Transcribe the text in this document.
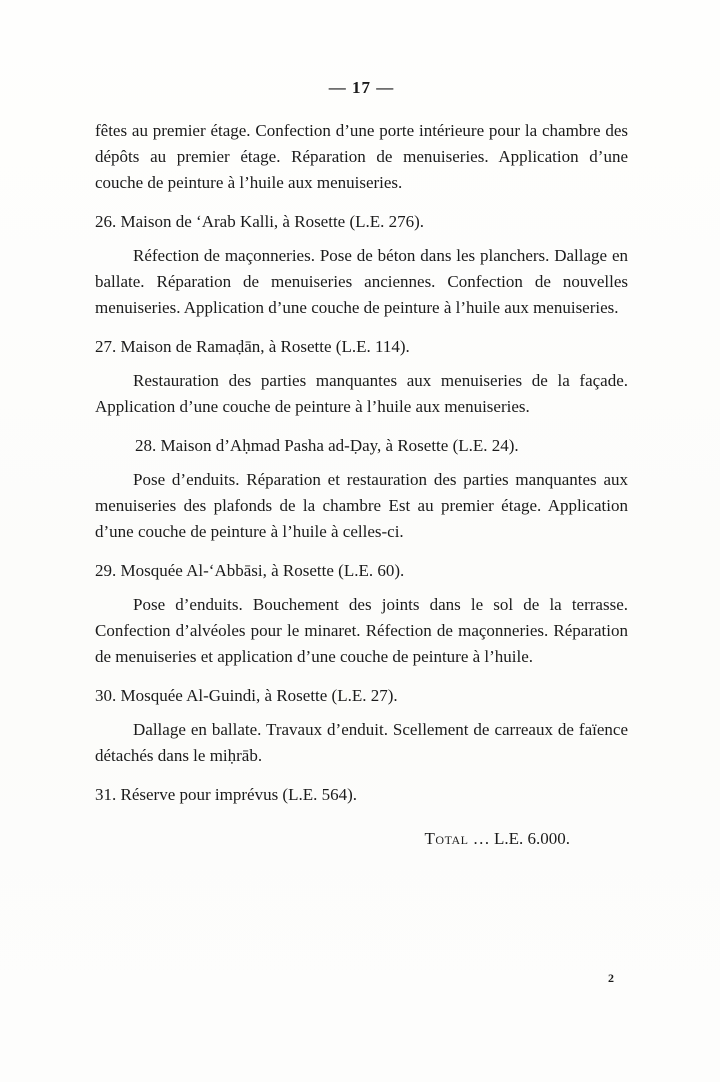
— 17 —

fêtes au premier étage. Confection d’une porte intérieure pour la chambre des dépôts au premier étage. Réparation de menuiseries. Application d’une couche de peinture à l’huile aux menuiseries.

26. Maison de ʻArab Kalli, à Rosette (L.E. 276).

Réfection de maçonneries. Pose de béton dans les planchers. Dallage en ballate. Réparation de menuiseries anciennes. Confection de nouvelles menuiseries. Application d’une couche de peinture à l’huile aux menuiseries.

27. Maison de Ramaḍān, à Rosette (L.E. 114).

Restauration des parties manquantes aux menuiseries de la façade. Application d’une couche de peinture à l’huile aux menuiseries.

28. Maison d’Aḥmad Pasha ad-Ḍay, à Rosette (L.E. 24).

Pose d’enduits. Réparation et restauration des parties manquantes aux menuiseries des plafonds de la chambre Est au premier étage. Application d’une couche de peinture à l’huile à celles-ci.

29. Mosquée Al-ʻAbbāsi, à Rosette (L.E. 60).

Pose d’enduits. Bouchement des joints dans le sol de la terrasse. Confection d’alvéoles pour le minaret. Réfection de maçonneries. Réparation de menuiseries et application d’une couche de peinture à l’huile.

30. Mosquée Al-Guindi, à Rosette (L.E. 27).

Dallage en ballate. Travaux d’enduit. Scellement de carreaux de faïence détachés dans le miḥrāb.

31. Réserve pour imprévus (L.E. 564).

Total … L.E. 6.000.

2
